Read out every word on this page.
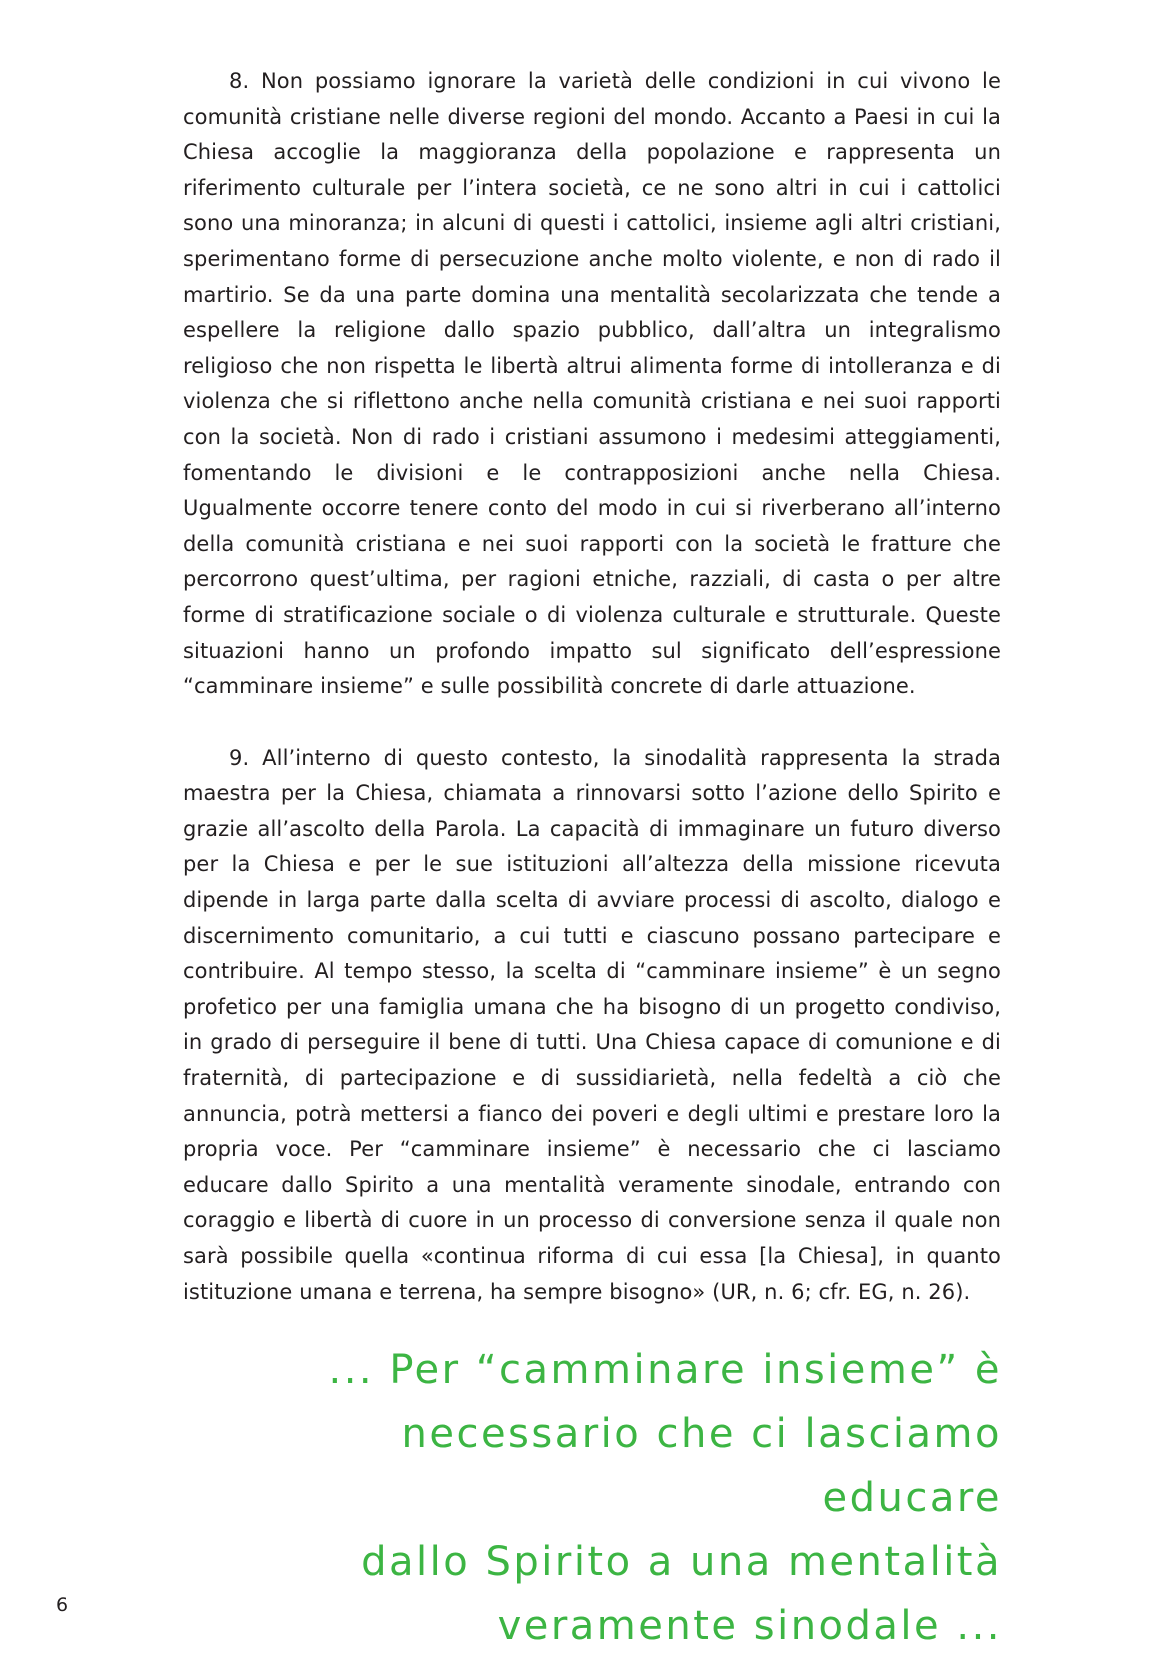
8. Non possiamo ignorare la varietà delle condizioni in cui vivono le comunità cristiane nelle diverse regioni del mondo. Accanto a Paesi in cui la Chiesa accoglie la maggioranza della popolazione e rappresenta un riferimento culturale per l’intera società, ce ne sono altri in cui i cattolici sono una minoranza; in alcuni di questi i cattolici, insieme agli altri cristiani, sperimentano forme di persecuzione anche molto violente, e non di rado il martirio. Se da una parte domina una mentalità secolarizzata che tende a espellere la religione dallo spazio pubblico, dall’altra un integralismo religioso che non rispetta le libertà altrui alimenta forme di intolleranza e di violenza che si riflettono anche nella comunità cristiana e nei suoi rapporti con la società. Non di rado i cristiani assumono i medesimi atteggiamenti, fomentando le divisioni e le contrapposizioni anche nella Chiesa. Ugualmente occorre tenere conto del modo in cui si riverberano all’interno della comunità cristiana e nei suoi rapporti con la società le fratture che percorrono quest’ultima, per ragioni etniche, razziali, di casta o per altre forme di stratificazione sociale o di violenza culturale e strutturale. Queste situazioni hanno un profondo impatto sul significato dell’espressione “camminare insieme” e sulle possibilità concrete di darle attuazione.

9. All’interno di questo contesto, la sinodalità rappresenta la strada maestra per la Chiesa, chiamata a rinnovarsi sotto l’azione dello Spirito e grazie all’ascolto della Parola. La capacità di immaginare un futuro diverso per la Chiesa e per le sue istituzioni all’altezza della missione ricevuta dipende in larga parte dalla scelta di avviare processi di ascolto, dialogo e discernimento comunitario, a cui tutti e ciascuno possano partecipare e contribuire. Al tempo stesso, la scelta di “camminare insieme” è un segno profetico per una famiglia umana che ha bisogno di un progetto condiviso, in grado di perseguire il bene di tutti. Una Chiesa capace di comunione e di fraternità, di partecipazione e di sussidiarietà, nella fedeltà a ciò che annuncia, potrà mettersi a fianco dei poveri e degli ultimi e prestare loro la propria voce. Per “camminare insieme” è necessario che ci lasciamo educare dallo Spirito a una mentalità veramente sinodale, entrando con coraggio e libertà di cuore in un processo di conversione senza il quale non sarà possibile quella «continua riforma di cui essa [la Chiesa], in quanto istituzione umana e terrena, ha sempre bisogno» (UR, n. 6; cfr. EG, n. 26).

... Per “camminare insieme” è
necessario che ci lasciamo educare
dallo Spirito a una mentalità
veramente sinodale ...

6
